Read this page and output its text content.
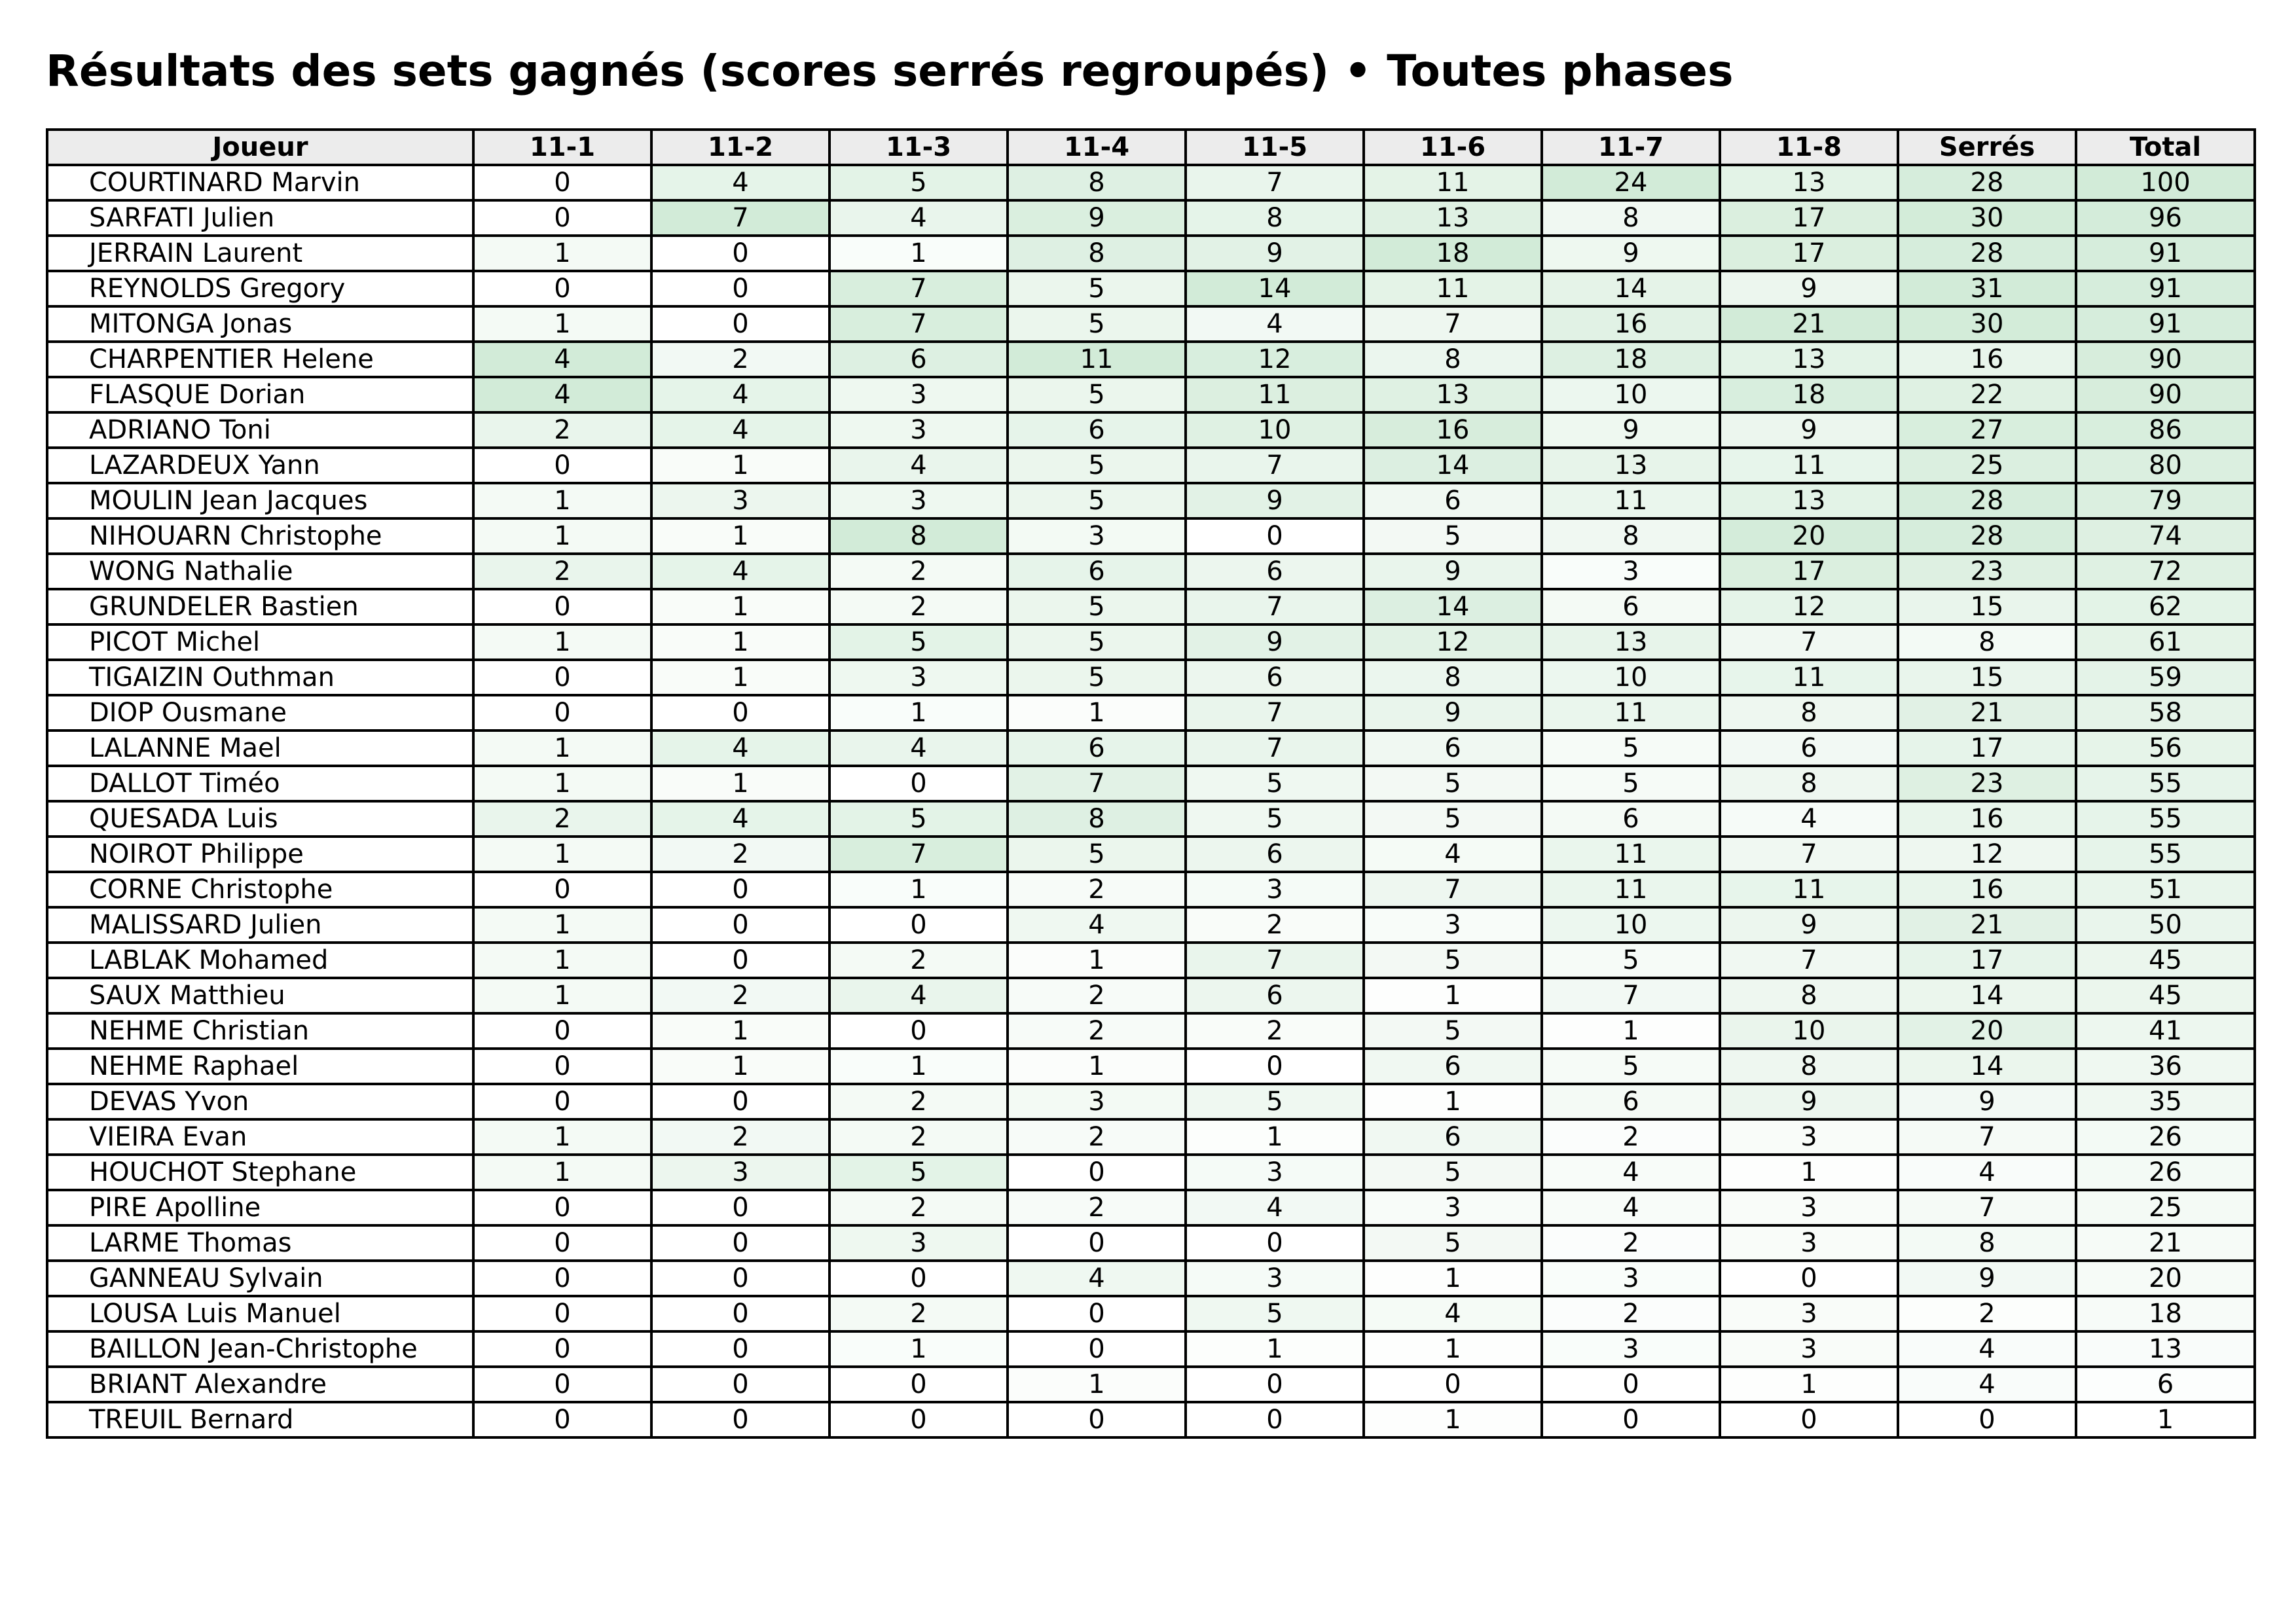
Résultats des sets gagnés (scores serrés regroupés) • Toutes phases
Joueur	11-1	11-2	11-3	11-4	11-5	11-6	11-7	11-8	Serrés	Total
COURTINARD Marvin	0	4	5	8	7	11	24	13	28	100
SARFATI Julien	0	7	4	9	8	13	8	17	30	96
JERRAIN Laurent	1	0	1	8	9	18	9	17	28	91
REYNOLDS Gregory	0	0	7	5	14	11	14	9	31	91
MITONGA Jonas	1	0	7	5	4	7	16	21	30	91
CHARPENTIER Helene	4	2	6	11	12	8	18	13	16	90
FLASQUE Dorian	4	4	3	5	11	13	10	18	22	90
ADRIANO Toni	2	4	3	6	10	16	9	9	27	86
LAZARDEUX Yann	0	1	4	5	7	14	13	11	25	80
MOULIN Jean Jacques	1	3	3	5	9	6	11	13	28	79
NIHOUARN Christophe	1	1	8	3	0	5	8	20	28	74
WONG Nathalie	2	4	2	6	6	9	3	17	23	72
GRUNDELER Bastien	0	1	2	5	7	14	6	12	15	62
PICOT Michel	1	1	5	5	9	12	13	7	8	61
TIGAIZIN Outhman	0	1	3	5	6	8	10	11	15	59
DIOP Ousmane	0	0	1	1	7	9	11	8	21	58
LALANNE Mael	1	4	4	6	7	6	5	6	17	56
DALLOT Timéo	1	1	0	7	5	5	5	8	23	55
QUESADA Luis	2	4	5	8	5	5	6	4	16	55
NOIROT Philippe	1	2	7	5	6	4	11	7	12	55
CORNE Christophe	0	0	1	2	3	7	11	11	16	51
MALISSARD Julien	1	0	0	4	2	3	10	9	21	50
LABLAK Mohamed	1	0	2	1	7	5	5	7	17	45
SAUX Matthieu	1	2	4	2	6	1	7	8	14	45
NEHME Christian	0	1	0	2	2	5	1	10	20	41
NEHME Raphael	0	1	1	1	0	6	5	8	14	36
DEVAS Yvon	0	0	2	3	5	1	6	9	9	35
VIEIRA Evan	1	2	2	2	1	6	2	3	7	26
HOUCHOT Stephane	1	3	5	0	3	5	4	1	4	26
PIRE Apolline	0	0	2	2	4	3	4	3	7	25
LARME Thomas	0	0	3	0	0	5	2	3	8	21
GANNEAU Sylvain	0	0	0	4	3	1	3	0	9	20
LOUSA Luis Manuel	0	0	2	0	5	4	2	3	2	18
BAILLON Jean-Christophe	0	0	1	0	1	1	3	3	4	13
BRIANT Alexandre	0	0	0	1	0	0	0	1	4	6
TREUIL Bernard	0	0	0	0	0	1	0	0	0	1
